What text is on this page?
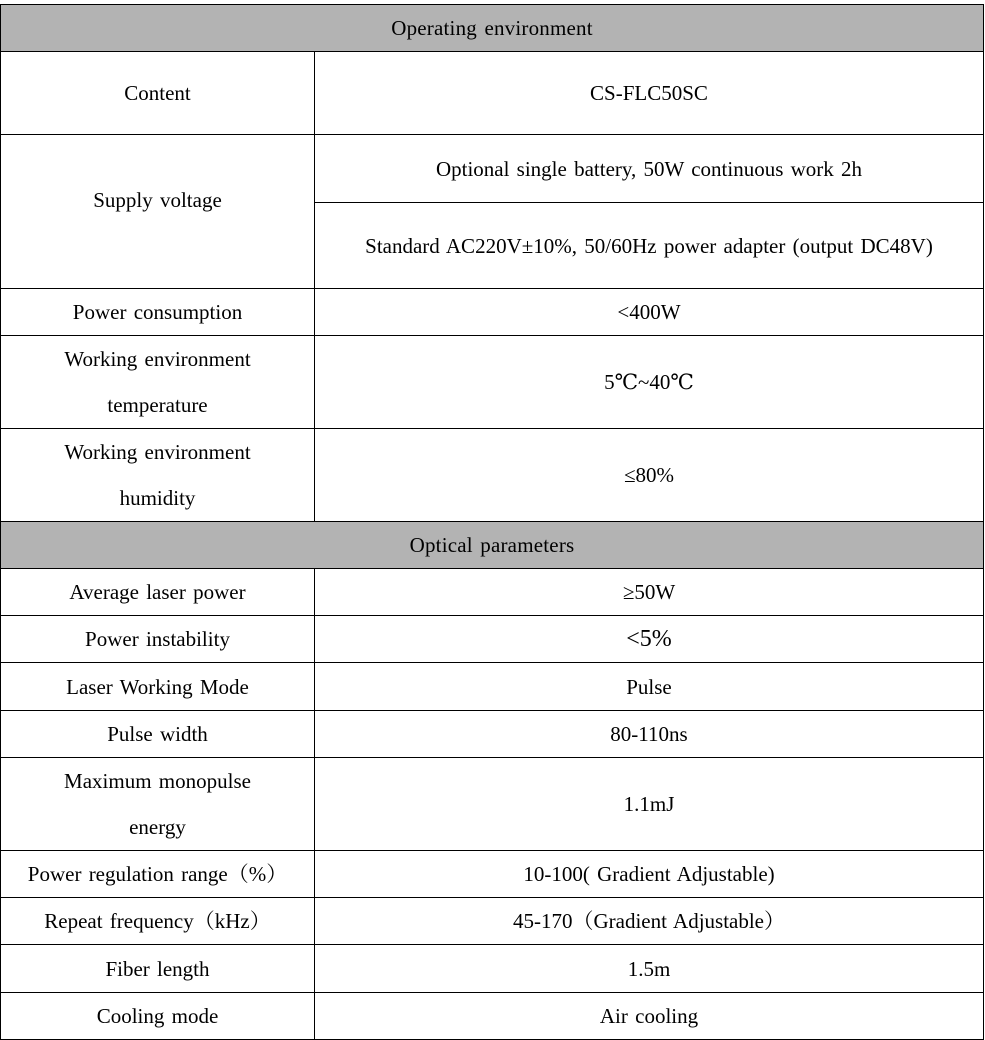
Operating environment	
Content	CS-FLC50SC
Supply voltage	Optional single battery, 50W continuous work 2h
	Standard AC220V±10%, 50/60Hz power adapter (output DC48V)
Power consumption	<400W
Working environment temperature	5℃~40℃
Working environment humidity	≤80%
Optical parameters	
Average laser power	≥50W
Power instability	<5%
Laser Working Mode	Pulse
Pulse width	80-110ns
Maximum monopulse energy	1.1mJ
Power regulation range（%）	10-100( Gradient Adjustable)
Repeat frequency（kHz）	45-170（Gradient Adjustable）
Fiber length	1.5m
Cooling mode	Air cooling
